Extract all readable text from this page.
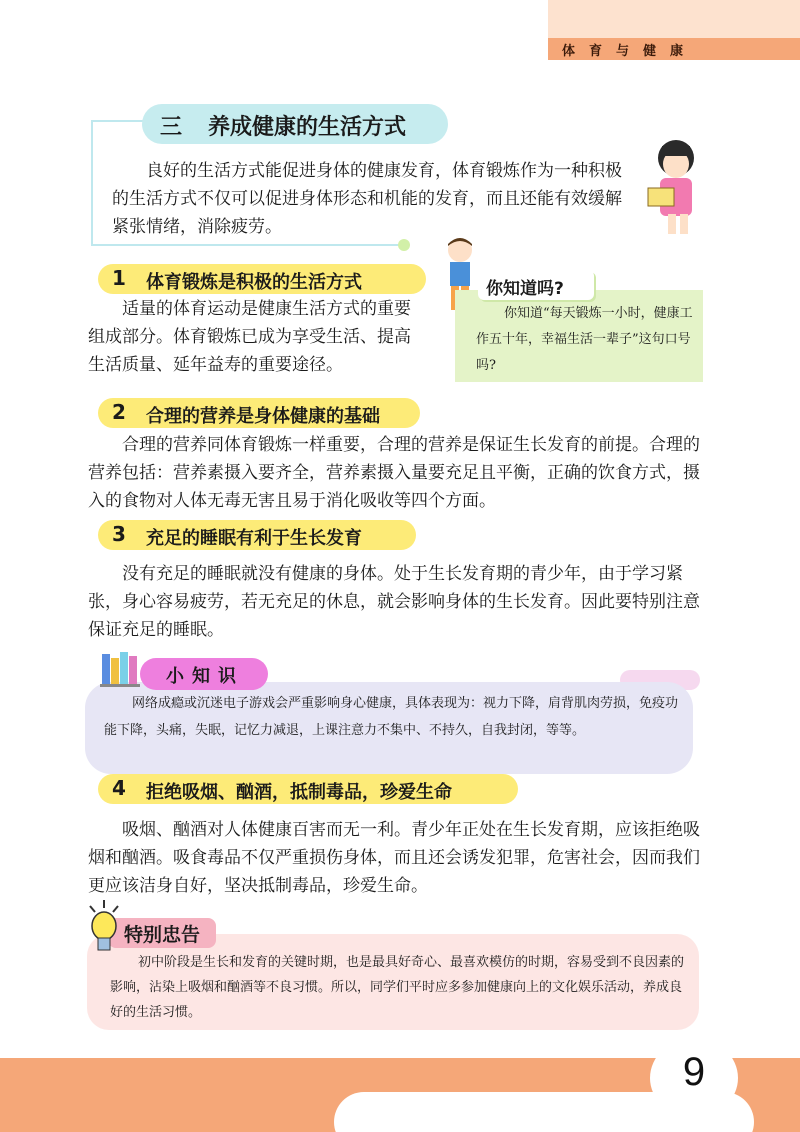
体育与健康
三 养成健康的生活方式
良好的生活方式能促进身体的健康发育，体育锻炼作为一种积极的生活方式不仅可以促进身体形态和机能的发育，而且还能有效缓解紧张情绪，消除疲劳。
1 体育锻炼是积极的生活方式
适量的体育运动是健康生活方式的重要组成部分。体育锻炼已成为享受生活、提高生活质量、延年益寿的重要途径。
你知道吗?
你知道“每天锻炼一小时，健康工作五十年，幸福生活一辈子”这句口号吗?
2 合理的营养是身体健康的基础
合理的营养同体育锻炼一样重要，合理的营养是保证生长发育的前提。合理的营养包括：营养素摄入要齐全，营养素摄入量要充足且平衡，正确的饮食方式，摄入的食物对人体无毒无害且易于消化吸收等四个方面。
3 充足的睡眠有利于生长发育
没有充足的睡眠就没有健康的身体。处于生长发育期的青少年，由于学习紧张，身心容易疲劳，若无充足的休息，就会影响身体的生长发育。因此要特别注意保证充足的睡眠。
小知识
网络成瘾或沉迷电子游戏会严重影响身心健康，具体表现为：视力下降，肩背肌肉劳损，免疫功能下降，头痛，失眠，记忆力减退，上课注意力不集中、不持久，自我封闭，等等。
4 拒绝吸烟、酗酒，抵制毒品，珍爱生命
吸烟、酗酒对人体健康百害而无一利。青少年正处在生长发育期，应该拒绝吸烟和酗酒。吸食毒品不仅严重损伤身体，而且还会诱发犯罪，危害社会，因而我们更应该洁身自好，坚决抵制毒品，珍爱生命。
特别忠告
初中阶段是生长和发育的关键时期，也是最具好奇心、最喜欢模仿的时期，容易受到不良因素的影响，沾染上吸烟和酗酒等不良习惯。所以，同学们平时应多参加健康向上的文化娱乐活动，养成良好的生活习惯。
9
